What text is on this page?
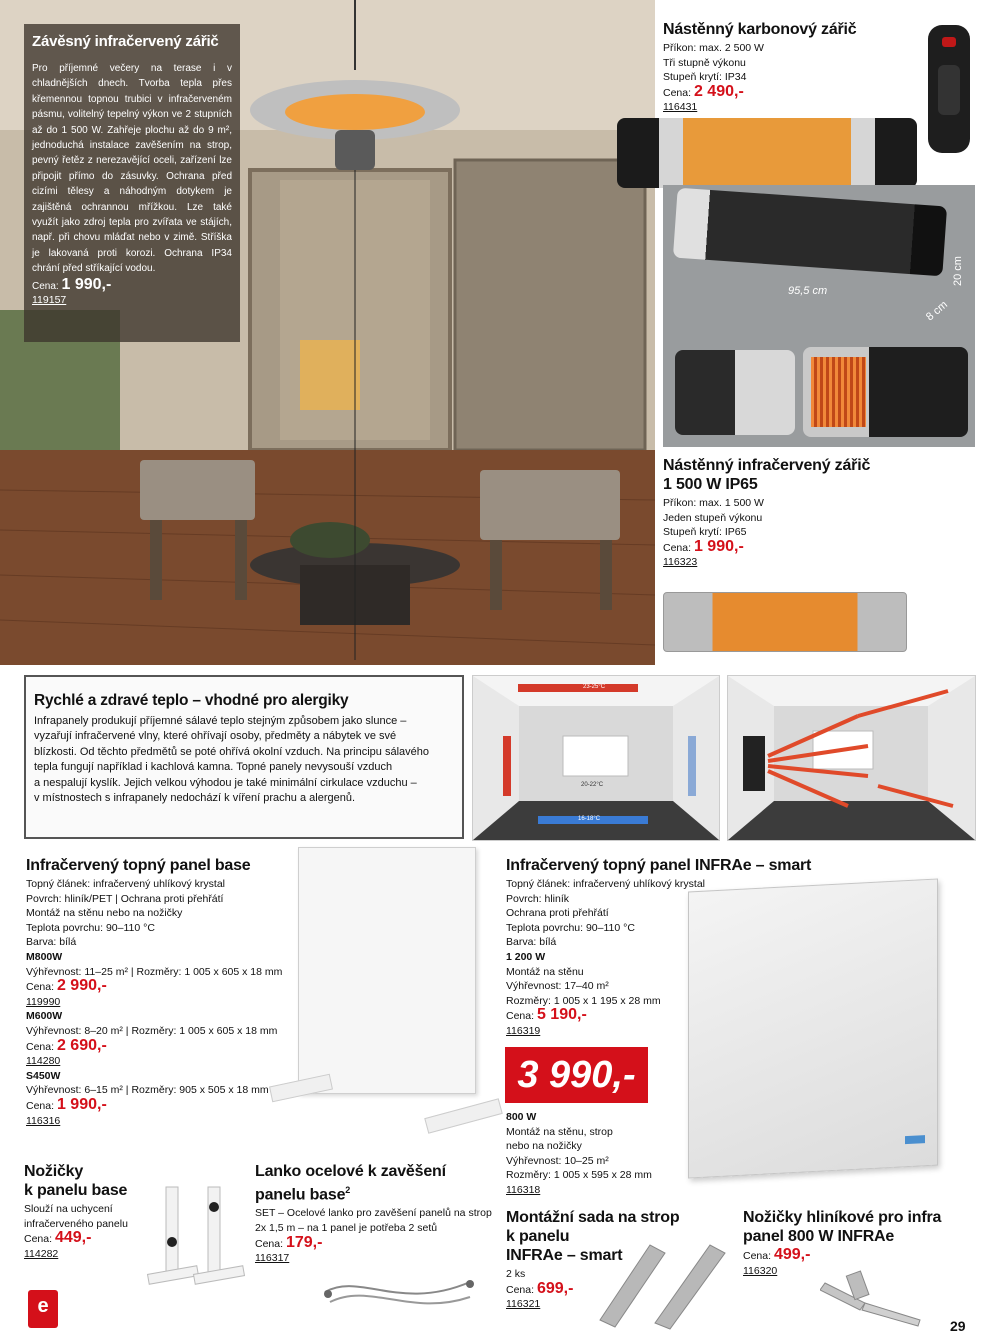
Závěsný infračervený zářič
Pro příjemné večery na terase i v chladnějších dnech. Tvorba tepla přes křemennou topnou trubici v infračerveném pásmu, volitelný tepelný výkon ve 2 stupních až do 1 500 W. Zahřeje plochu až do 9 m², jednoduchá instalace zavěšením na strop, pevný řetěz z nerezavějící oceli, zařízení lze připojit přímo do zásuvky. Ochrana před cizími tělesy a náhodným dotykem je zajištěná ochrannou mřížkou. Lze také využít jako zdroj tepla pro zvířata ve stájích, např. při chovu mláďat nebo v zimě. Stříška je lakovaná proti korozi. Ochrana IP34 chrání před stříkající vodou.
Cena: 1 990,-
119157
Nástěnný karbonový zářič
Příkon: max. 2 500 W
Tři stupně výkonu
Stupeň krytí: IP34
Cena: 2 490,-
116431
95,5 cm
20 cm
8 cm
Nástěnný infračervený zářič
1 500 W IP65
Příkon: max. 1 500 W
Jeden stupeň výkonu
Stupeň krytí: IP65
Cena: 1 990,-
116323
Rychlé a zdravé teplo – vhodné pro alergiky
Infrapanely produkují příjemné sálavé teplo stejným způsobem jako slunce –
vyzařují infračervené vlny, které ohřívají osoby, předměty a nábytek ve své
blízkosti. Od těchto předmětů se poté ohřívá okolní vzduch. Na principu sálavého
tepla fungují například i kachlová kamna. Topné panely nevysouší vzduch
a nespalují kyslík. Jejich velkou výhodou je také minimální cirkulace vzduchu –
v místnostech s infrapanely nedochází k víření prachu a alergenů.
23-25°C
20-22°C
16-18°C
Infračervený topný panel base
Topný článek: infračervený uhlíkový krystal
Povrch: hliník/PET | Ochrana proti přehřátí
Montáž na stěnu nebo na nožičky
Teplota povrchu: 90–110 °C
Barva: bílá
M800W
Výhřevnost: 11–25 m² | Rozměry: 1 005 x 605 x 18 mm
Cena: 2 990,-
119990
M600W
Výhřevnost: 8–20 m² | Rozměry: 1 005 x 605 x 18 mm
Cena: 2 690,-
114280
S450W
Výhřevnost: 6–15 m² | Rozměry: 905 x 505 x 18 mm
Cena: 1 990,-
116316
Infračervený topný panel INFRAe – smart
Topný článek: infračervený uhlíkový krystal
Povrch: hliník
Ochrana proti přehřátí
Teplota povrchu: 90–110 °C
Barva: bílá
1 200 W
Montáž na stěnu
Výhřevnost: 17–40 m²
Rozměry: 1 005 x 1 195 x 28 mm
Cena: 5 190,-
116319
3 990,-
800 W
Montáž na stěnu, strop
nebo na nožičky
Výhřevnost: 10–25 m²
Rozměry: 1 005 x 595 x 28 mm
116318
Nožičky
k panelu base
Slouží na uchycení
infračerveného panelu
Cena: 449,-
114282
Lanko ocelové k zavěšení
panelu base$^2$
SET – Ocelové lanko pro zavěšení panelů na strop
2x 1,5 m – na 1 panel je potřeba 2 setů
Cena: 179,-
116317
Montážní sada na strop
k panelu
INFRAe – smart
2 ks
Cena: 699,-
116321
Nožičky hliníkové pro infra
panel 800 W INFRAe
Cena: 499,-
116320
e
29
